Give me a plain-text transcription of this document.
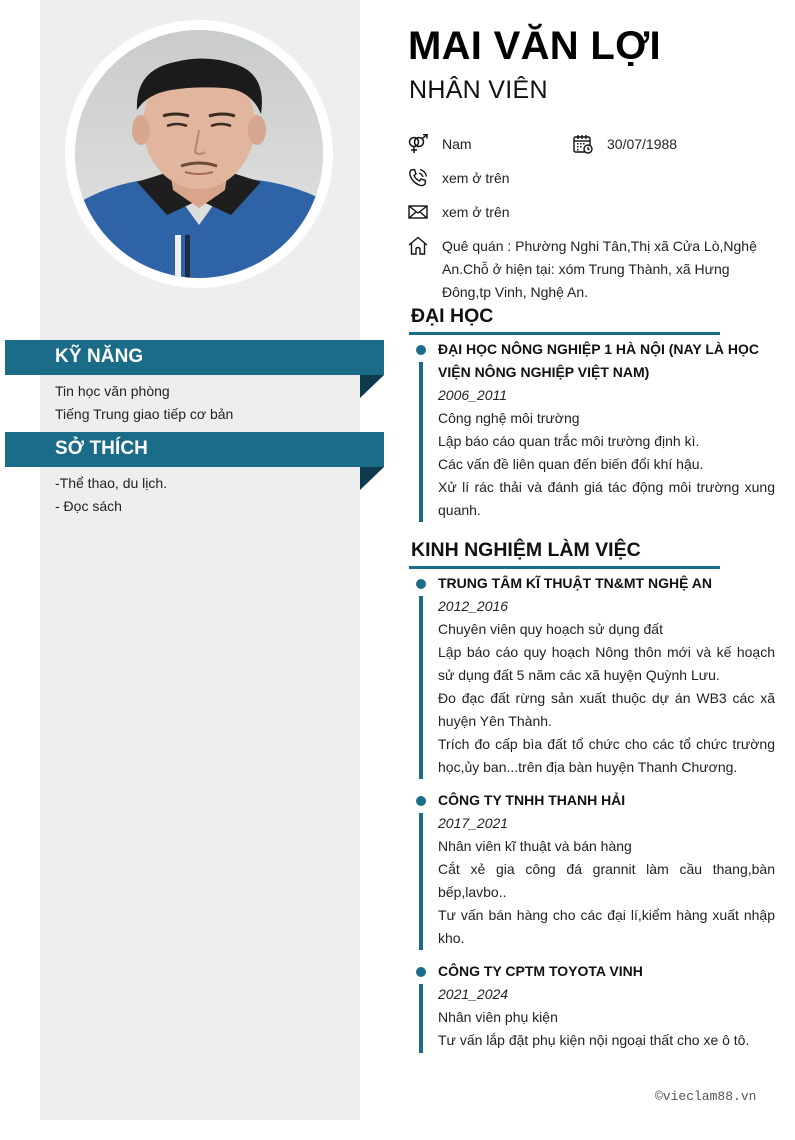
KỸ NĂNG
Tin học văn phòng
Tiếng Trung giao tiếp cơ bản
SỞ THÍCH
-Thể thao, du lịch.
- Đọc sách
MAI VĂN LỢI
NHÂN VIÊN
Nam	30/07/1988
xem ở trên
xem ở trên
Quê quán : Phường Nghi Tân,Thị xã Cửa Lò,Nghệ An.Chỗ ở hiện tại: xóm Trung Thành, xã Hưng Đông,tp Vinh, Nghệ An.
ĐẠI HỌC
ĐẠI HỌC NÔNG NGHIỆP 1 HÀ NỘI (NAY LÀ HỌC VIỆN NÔNG NGHIỆP VIỆT NAM)
2006_2011
Công nghệ môi trường
Lập báo cáo quan trắc môi trường định kì.
Các vấn đề liên quan đến biến đổi khí hậu.
Xử lí rác thải và đánh giá tác động môi trường xung quanh.
KINH NGHIỆM LÀM VIỆC
TRUNG TÂM KĨ THUẬT TN&MT NGHỆ AN
2012_2016
Chuyên viên quy hoạch sử dụng đất
Lập báo cáo quy hoạch Nông thôn mới và kế hoạch sử dụng đất 5 năm các xã huyện Quỳnh Lưu.
Đo đạc đất rừng sản xuất thuộc dự án WB3 các xã huyện Yên Thành.
Trích đo cấp bìa đất tổ chức cho các tổ chức trường học,ủy ban...trên địa bàn huyện Thanh Chương.
CÔNG TY TNHH THANH HẢI
2017_2021
Nhân viên kĩ thuật và bán hàng
Cắt xẻ gia công đá grannit làm cầu thang,bàn bếp,lavbo..
Tư vấn bán hàng cho các đại lí,kiểm hàng xuất nhập kho.
CÔNG TY CPTM TOYOTA VINH
2021_2024
Nhân viên phụ kiện
Tư vấn lắp đặt phụ kiện nội ngoại thất cho xe ô tô.
©vieclam88.vn
